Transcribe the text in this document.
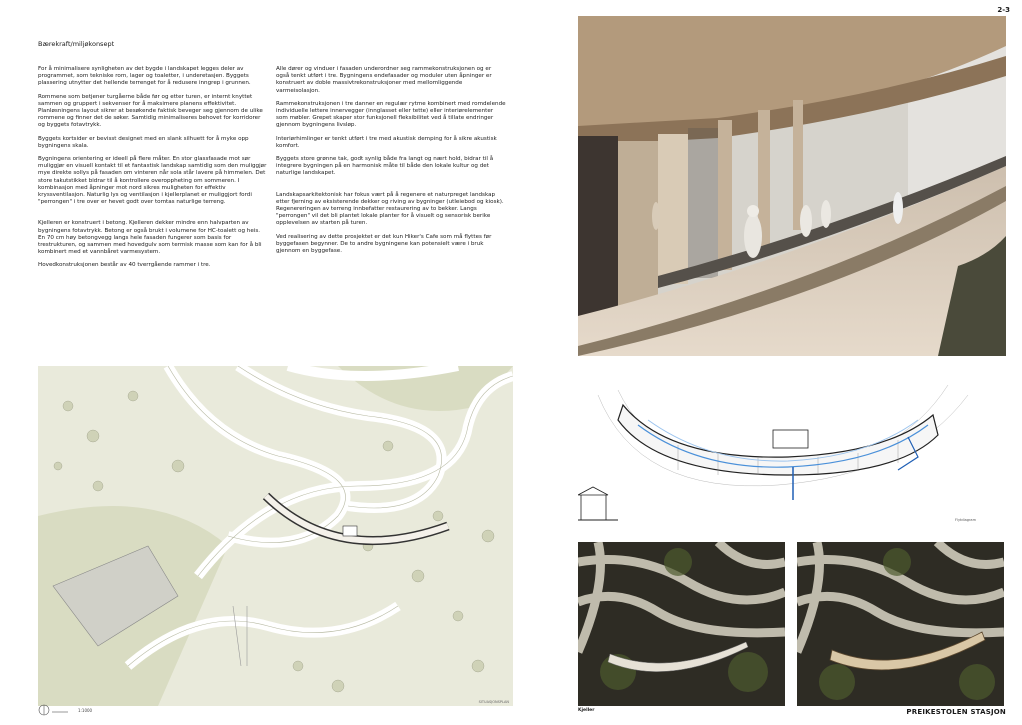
2-3
Bærekraft/miljøkonsept

For å minimalisere synligheten av det bygde i landskapet legges deler av programmet, som tekniske rom, lager og toaletter, i underetasjen. Byggets plassering utnytter det hellende terrenget for å redusere inngrep i grunnen.

Rommene som betjener turgåerne både før og etter turen, er internt knyttet sammen og gruppert i sekvenser for å maksimere planens effektivitet. Planløsningens layout sikrer at besøkende faktisk beveger seg gjennom de ulike rommene og finner det de søker. Samtidig minimaliseres behovet for korridorer og byggets fotavtrykk.

Byggets kortsider er bevisst designet med en slank silhuett for å myke opp bygningens skala.

Bygningens orientering er ideell på flere måter. En stor glassfasade mot sør muliggjør en visuell kontakt til et fantastisk landskap samtidig som den muliggjør mye direkte sollys på fasaden om vinteren når sola står lavere på himmelen. Det store takutstikket bidrar til å kontrollere overoppheting om sommeren. I kombinasjon med åpninger mot nord sikres muligheten for effektiv kryssventilasjon. Naturlig lys og ventilasjon i kjellerplanet er muliggjort fordi "perrongen" i tre over er hevet godt over tomtas naturlige terreng.

Kjelleren er konstruert i betong. Kjelleren dekker mindre enn halvparten av bygningens fotavtrykk. Betong er også brukt i volumene for HC-toalett og heis. En 70 cm høy betongvegg langs hele fasaden fungerer som basis for trestrukturen, og sammen med hovedgulv som termisk masse som kan for å bli kombinert med et vannbåret varmesystem.

Hovedkonstruksjonen består av 40 tverrgående rammer i tre.

Alle dører og vinduer i fasaden underordner seg rammekonstruksjonen og er også tenkt utført i tre. Bygningens endefasader og moduler uten åpninger er konstruert av doble massivtrekonstruksjoner med mellomliggende varmeisolasjon.

Rammekonstruksjonen i tre danner en regulær rytme kombinert med romdelende individuelle lettere innervegger (innglasset eller tette) eller interiørelementer som møbler. Grepet skaper stor funksjonell fleksibilitet ved å tillate endringer gjennom bygningens livsløp.

Interiørhimlinger er tenkt utført i tre med akustisk demping for å sikre akustisk komfort.

Byggets store grønne tak, godt synlig både fra langt og nært hold, bidrar til å integrere bygningen på en harmonisk måte til både den lokale kultur og det naturlige landskapet.

Landskapsarkitektonisk har fokus vært på å regenere et naturpreget landskap etter fjerning av eksisterende dekker og riving av bygninger (utleiebod og kiosk). Regenereringen av terreng innbefatter restaurering av to bekker. Langs "perrongen" vil det bli plantet lokale planter for å visuelt og sensorisk berike opplevelsen av starten på turen.

Ved realisering av dette prosjektet er det kun Hiker's Cafe som må flyttes før byggefasen begynner. De to andre bygningene kan potensielt være i bruk gjennom en byggefase.

SITUASJONSPLAN
1:1000
Flytdiagram
Kjeller	PREIKESTOLEN STASJON
